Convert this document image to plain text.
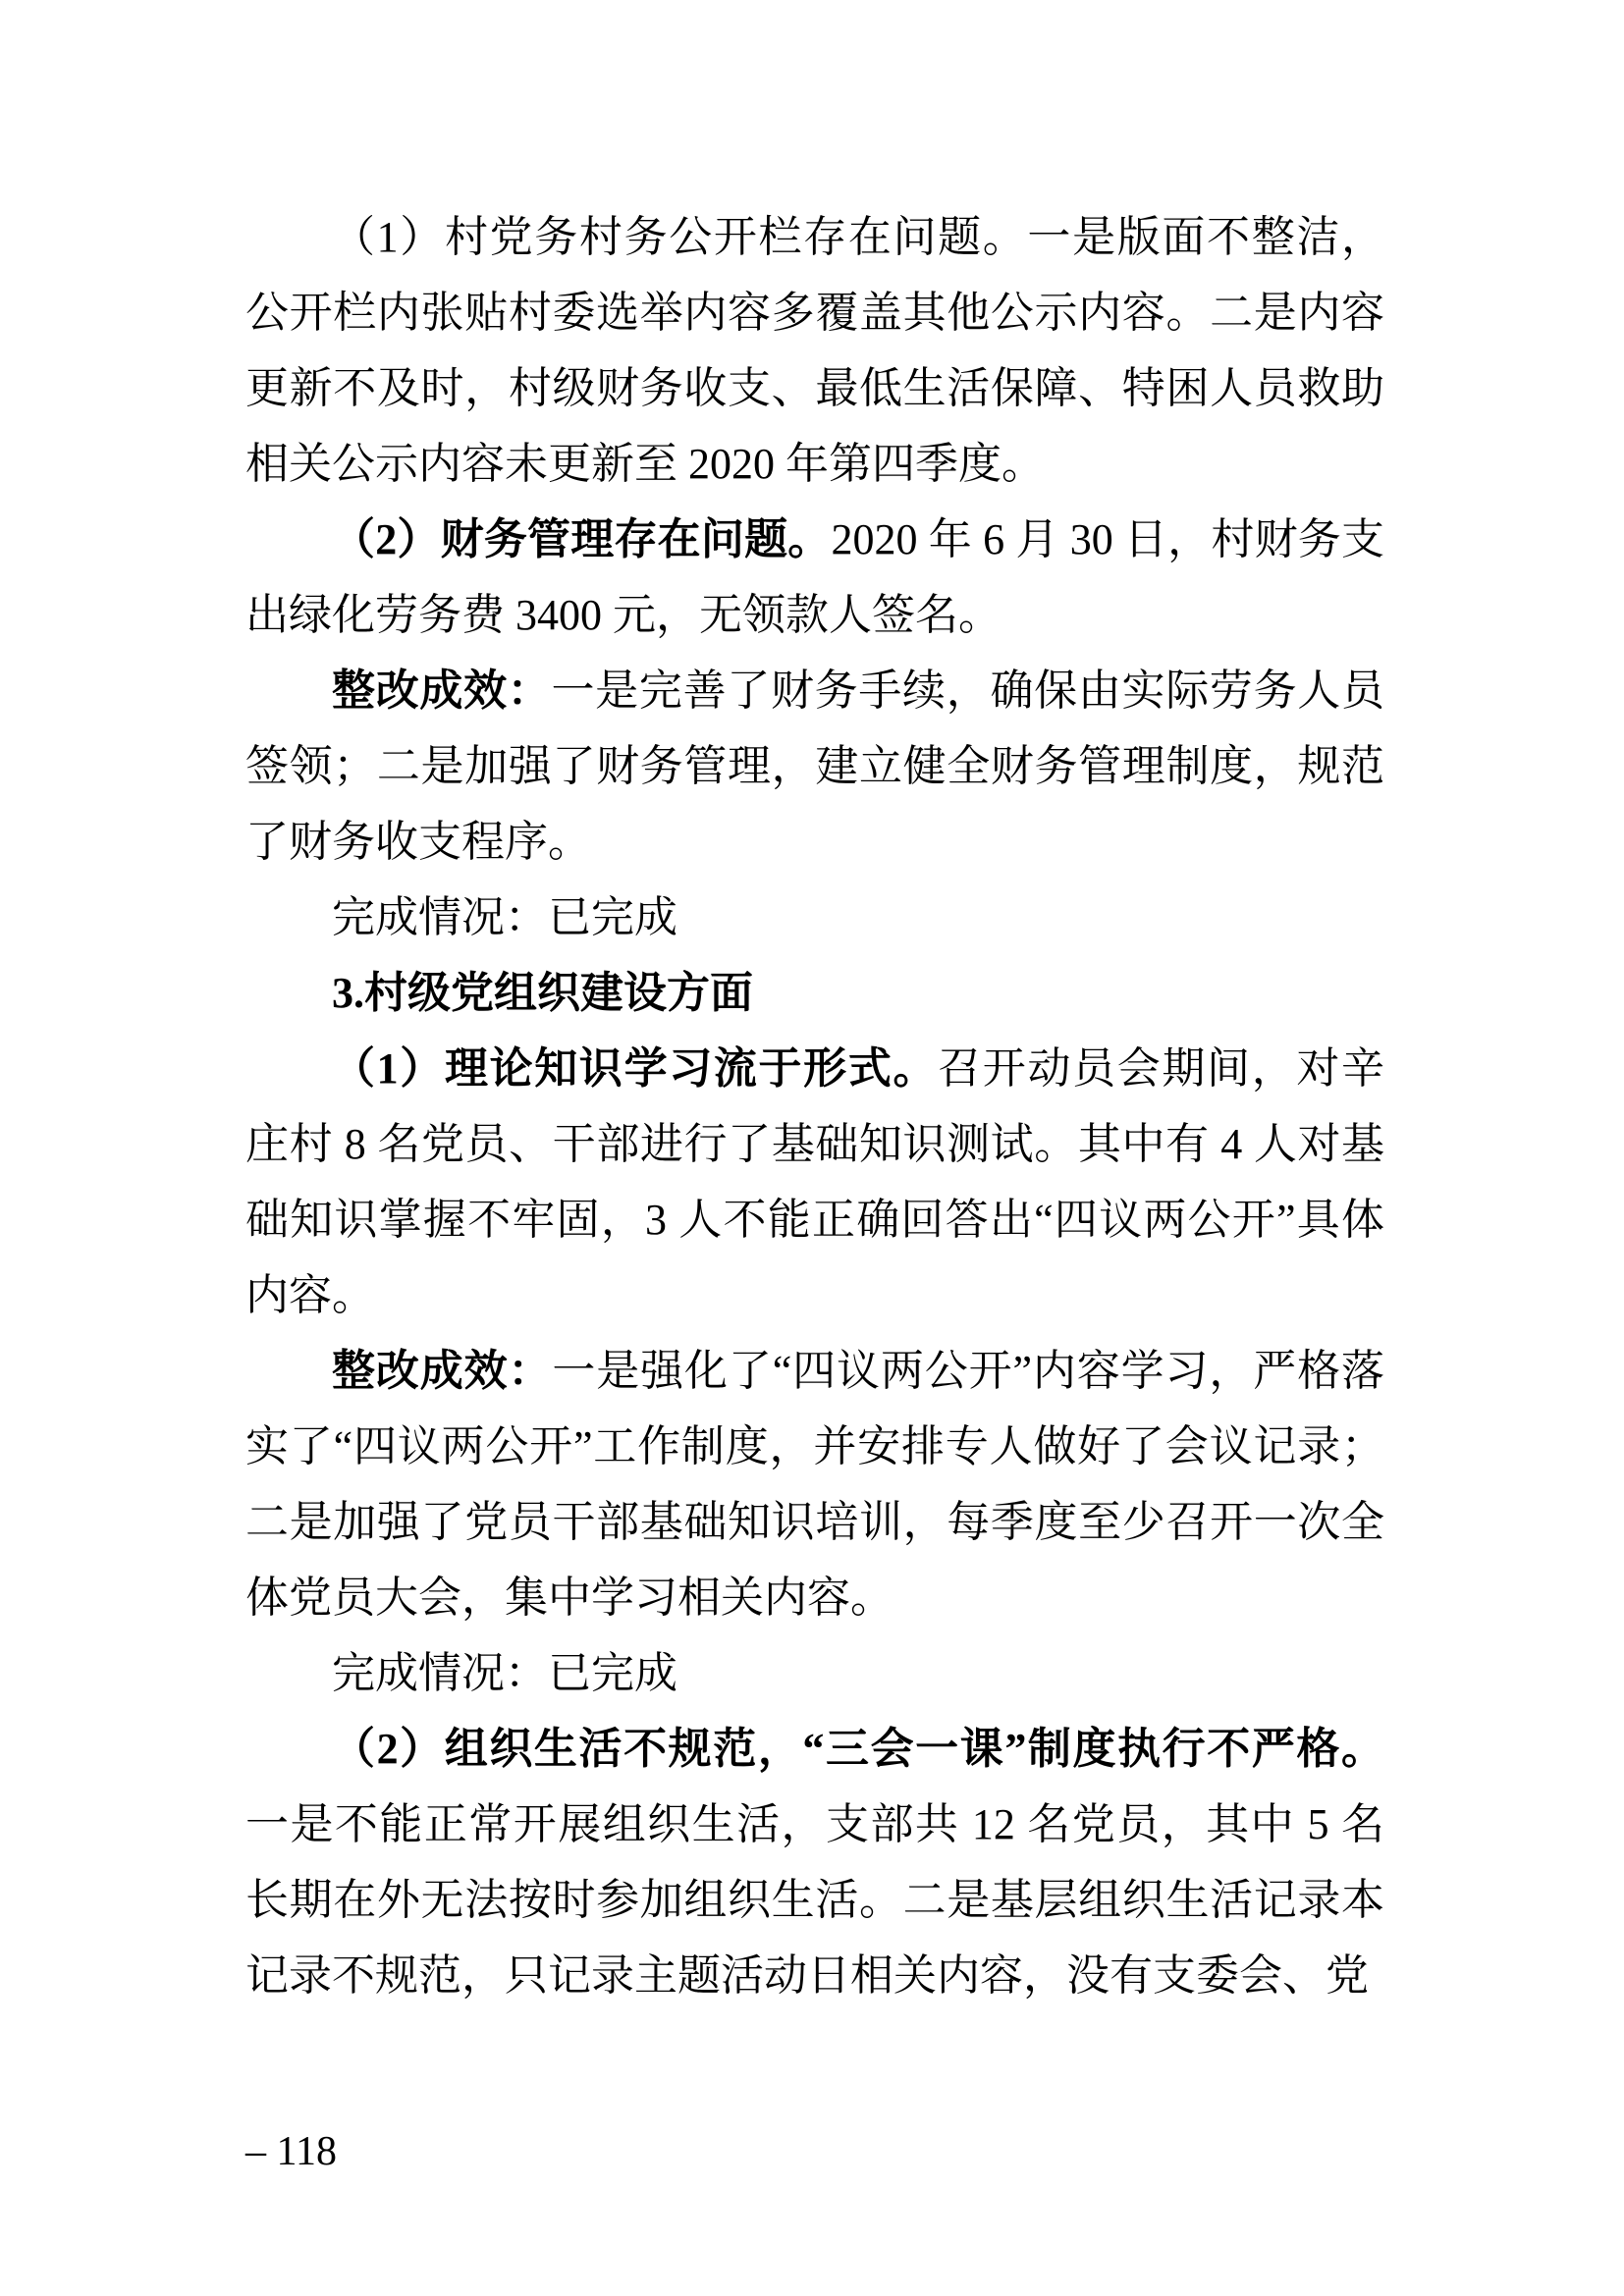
（1）村党务村务公开栏存在问题。一是版面不整洁，公开栏内张贴村委选举内容多覆盖其他公示内容。二是内容更新不及时，村级财务收支、最低生活保障、特困人员救助相关公示内容未更新至 2020 年第四季度。

（2）财务管理存在问题。2020 年 6 月 30 日，村财务支出绿化劳务费 3400 元，无领款人签名。

整改成效：一是完善了财务手续，确保由实际劳务人员签领；二是加强了财务管理，建立健全财务管理制度，规范了财务收支程序。

完成情况：已完成

3.村级党组织建设方面

（1）理论知识学习流于形式。召开动员会期间，对辛庄村 8 名党员、干部进行了基础知识测试。其中有 4 人对基础知识掌握不牢固，3 人不能正确回答出“四议两公开”具体内容。

整改成效：一是强化了“四议两公开”内容学习，严格落实了“四议两公开”工作制度，并安排专人做好了会议记录；二是加强了党员干部基础知识培训，每季度至少召开一次全体党员大会，集中学习相关内容。

完成情况：已完成

（2）组织生活不规范，“三会一课”制度执行不严格。一是不能正常开展组织生活，支部共 12 名党员，其中 5 名长期在外无法按时参加组织生活。二是基层组织生活记录本记录不规范，只记录主题活动日相关内容，没有支委会、党

– 118
